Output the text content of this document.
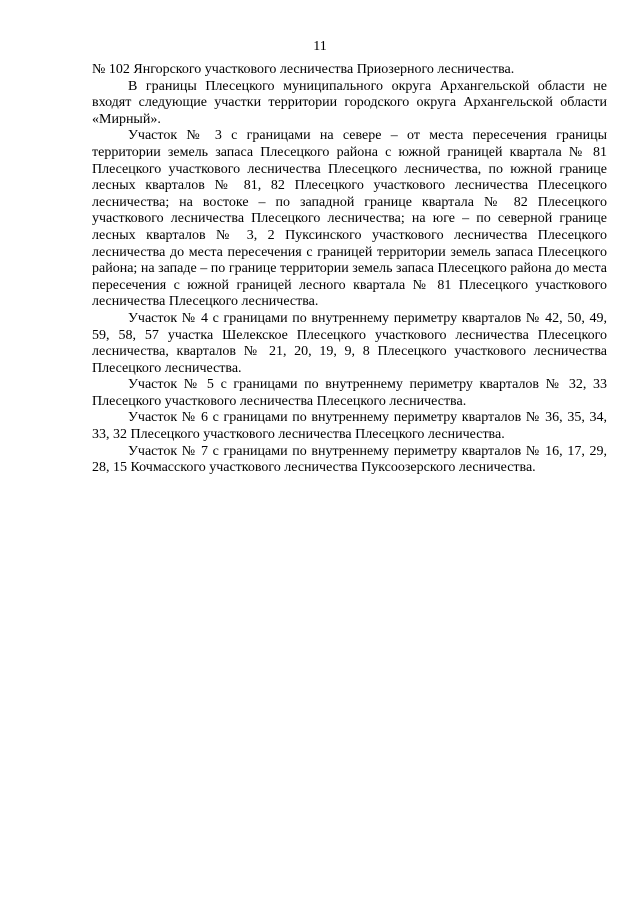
11

№ 102 Янгорского участкового лесничества Приозерного лесничества.

В границы Плесецкого муниципального округа Архангельской области не входят следующие участки территории городского округа Архангельской области «Мирный».

Участок № 3 с границами на севере – от места пересечения границы территории земель запаса Плесецкого района с южной границей квартала № 81 Плесецкого участкового лесничества Плесецкого лесничества, по южной границе лесных кварталов № 81, 82 Плесецкого участкового лесничества Плесецкого лесничества; на востоке – по западной границе квартала № 82 Плесецкого участкового лесничества Плесецкого лесничества; на юге – по северной границе лесных кварталов № 3, 2 Пуксинского участкового лесничества Плесецкого лесничества до места пересечения с границей территории земель запаса Плесецкого района; на западе – по границе территории земель запаса Плесецкого района до места пересечения с южной границей лесного квартала № 81 Плесецкого участкового лесничества Плесецкого лесничества.

Участок № 4 с границами по внутреннему периметру кварталов № 42, 50, 49, 59, 58, 57 участка Шелекское Плесецкого участкового лесничества Плесецкого лесничества, кварталов № 21, 20, 19, 9, 8 Плесецкого участкового лесничества Плесецкого лесничества.

Участок № 5 с границами по внутреннему периметру кварталов № 32, 33 Плесецкого участкового лесничества Плесецкого лесничества.

Участок № 6 с границами по внутреннему периметру кварталов № 36, 35, 34, 33, 32 Плесецкого участкового лесничества Плесецкого лесничества.

Участок № 7 с границами по внутреннему периметру кварталов № 16, 17, 29, 28, 15 Кочмасского участкового лесничества Пуксоозерского лесничества.
